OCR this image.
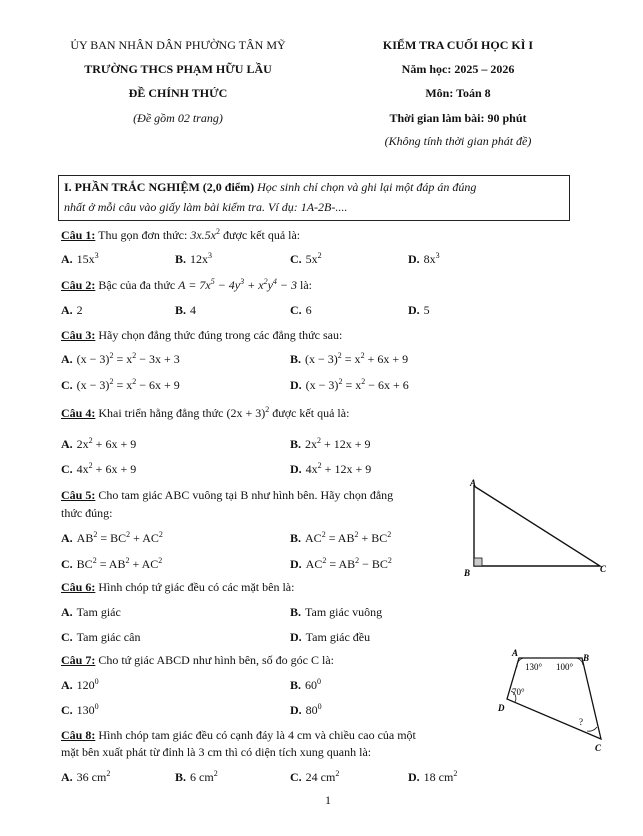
ỦY BAN NHÂN DÂN PHƯỜNG TÂN MỸ
TRƯỜNG THCS PHẠM HỮU LẦU
ĐỀ CHÍNH THỨC
(Đề gồm 02 trang)
KIỂM TRA CUỐI HỌC KÌ I
Năm học: 2025 – 2026
Môn: Toán 8
Thời gian làm bài: 90 phút
(Không tính thời gian phát đề)
I. PHẦN TRẮC NGHIỆM (2,0 điểm) Học sinh chỉ chọn và ghi lại một đáp án đúng
nhất ở mỗi câu vào giấy làm bài kiểm tra. Ví dụ: 1A-2B-....
Câu 1: Thu gọn đơn thức: $3x.5x^2$ được kết quả là:
A. $15x^3$	B. $12x^3$	C. $5x^2$	D. $8x^3$
Câu 2: Bậc của đa thức $A = 7x^5 - 4y^3 + x^2y^4 - 3$ là:
A. 2	B. 4	C. 6	D. 5
Câu 3: Hãy chọn đẳng thức đúng trong các đẳng thức sau:
A. $(x - 3)^2 = x^2 - 3x + 3$	B. $(x - 3)^2 = x^2 + 6x + 9$
C. $(x - 3)^2 = x^2 - 6x + 9$	D. $(x - 3)^2 = x^2 - 6x + 6$
Câu 4: Khai triển hằng đẳng thức $(2x + 3)^2$ được kết quả là:
A. $2x^2 + 6x + 9$	B. $2x^2 + 12x + 9$
C. $4x^2 + 6x + 9$	D. $4x^2 + 12x + 9$
Câu 5: Cho tam giác ABC vuông tại B như hình bên. Hãy chọn đẳng
thức đúng:
A. $AB^2 = BC^2 + AC^2$	B. $AC^2 = AB^2 + BC^2$
C. $BC^2 = AB^2 + AC^2$	D. $AC^2 = AB^2 - BC^2$
A
B	C
Câu 6: Hình chóp tứ giác đều có các mặt bên là:
A. Tam giác	B. Tam giác vuông
C. Tam giác cân	D. Tam giác đều
Câu 7: Cho tứ giác ABCD như hình bên, số đo góc C là:
A. $120^0$	B. $60^0$
C. $130^0$	D. $80^0$
A	B
C
D
130° 100°
70°
?
Câu 8: Hình chóp tam giác đều có cạnh đáy là 4 cm và chiều cao của một
mặt bên xuất phát từ đỉnh là 3 cm thì có diện tích xung quanh là:
A. 36 $cm^2$	B. 6 $cm^2$	C. 24 $cm^2$	D. 18 $cm^2$
1
